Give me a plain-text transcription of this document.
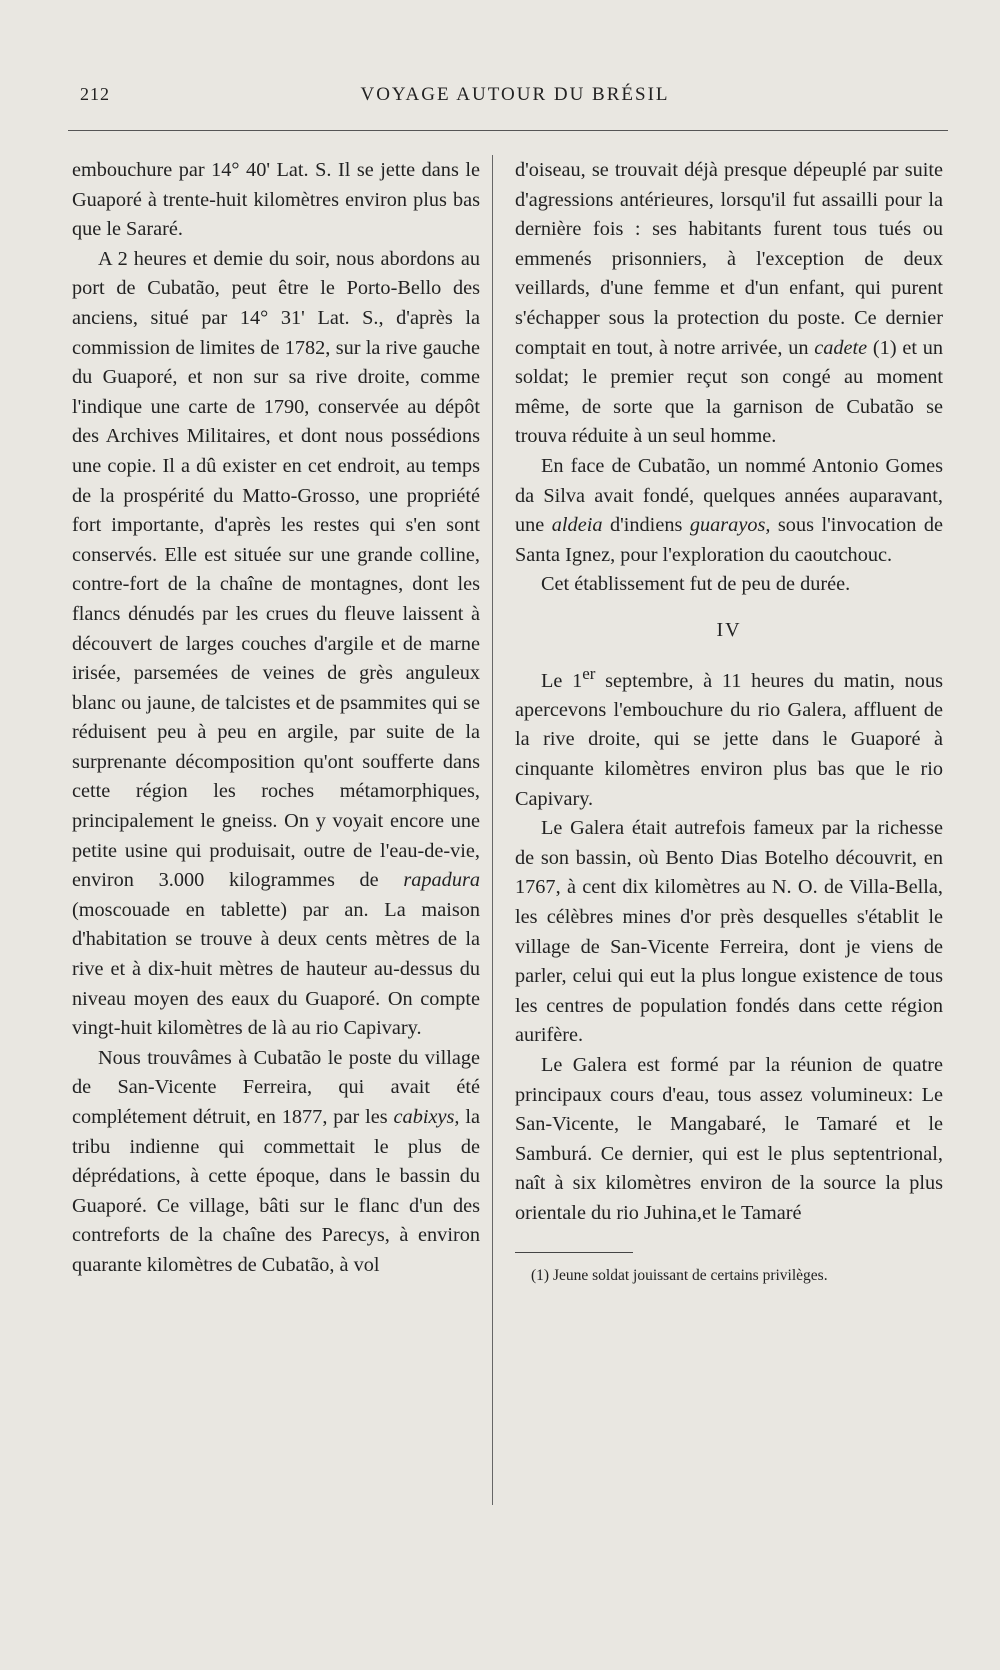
212	VOYAGE AUTOUR DU BRÉSIL

embouchure par 14° 40' Lat. S. Il se jette dans le Guaporé à trente-huit kilomètres environ plus bas que le Sararé.

A 2 heures et demie du soir, nous abordons au port de Cubatão, peut être le Porto-Bello des anciens, situé par 14° 31' Lat. S., d'après la commission de limites de 1782, sur la rive gauche du Guaporé, et non sur sa rive droite, comme l'indique une carte de 1790, conservée au dépôt des Archives Militaires, et dont nous possédions une copie. Il a dû exister en cet endroit, au temps de la prospérité du Matto-Grosso, une propriété fort importante, d'après les restes qui s'en sont conservés. Elle est située sur une grande colline, contre-fort de la chaîne de montagnes, dont les flancs dénudés par les crues du fleuve laissent à découvert de larges couches d'argile et de marne irisée, parsemées de veines de grès anguleux blanc ou jaune, de talcistes et de psammites qui se réduisent peu à peu en argile, par suite de la surprenante décomposition qu'ont soufferte dans cette région les roches métamorphiques, principalement le gneiss. On y voyait encore une petite usine qui produisait, outre de l'eau-de-vie, environ 3.000 kilogrammes de rapadura (moscouade en tablette) par an. La maison d'habitation se trouve à deux cents mètres de la rive et à dix-huit mètres de hauteur au-dessus du niveau moyen des eaux du Guaporé. On compte vingt-huit kilomètres de là au rio Capivary.

Nous trouvâmes à Cubatão le poste du village de San-Vicente Ferreira, qui avait été complétement détruit, en 1877, par les cabixys, la tribu indienne qui commettait le plus de déprédations, à cette époque, dans le bassin du Guaporé. Ce village, bâti sur le flanc d'un des contreforts de la chaîne des Parecys, à environ quarante kilomètres de Cubatão, à vol

d'oiseau, se trouvait déjà presque dépeuplé par suite d'agressions antérieures, lorsqu'il fut assailli pour la dernière fois : ses habitants furent tous tués ou emmenés prisonniers, à l'exception de deux veillards, d'une femme et d'un enfant, qui purent s'échapper sous la protection du poste. Ce dernier comptait en tout, à notre arrivée, un cadete (1) et un soldat; le premier reçut son congé au moment même, de sorte que la garnison de Cubatão se trouva réduite à un seul homme.

En face de Cubatão, un nommé Antonio Gomes da Silva avait fondé, quelques années auparavant, une aldeia d'indiens guarayos, sous l'invocation de Santa Ignez, pour l'exploration du caoutchouc.

Cet établissement fut de peu de durée.

IV

Le 1er septembre, à 11 heures du matin, nous apercevons l'embouchure du rio Galera, affluent de la rive droite, qui se jette dans le Guaporé à cinquante kilomètres environ plus bas que le rio Capivary.

Le Galera était autrefois fameux par la richesse de son bassin, où Bento Dias Botelho découvrit, en 1767, à cent dix kilomètres au N. O. de Villa-Bella, les célèbres mines d'or près desquelles s'établit le village de San-Vicente Ferreira, dont je viens de parler, celui qui eut la plus longue existence de tous les centres de population fondés dans cette région aurifère.

Le Galera est formé par la réunion de quatre principaux cours d'eau, tous assez volumineux: Le San-Vicente, le Mangabaré, le Tamaré et le Samburá. Ce dernier, qui est le plus septentrional, naît à six kilomètres environ de la source la plus orientale du rio Juhina,et le Tamaré

(1) Jeune soldat jouissant de certains privilèges.
